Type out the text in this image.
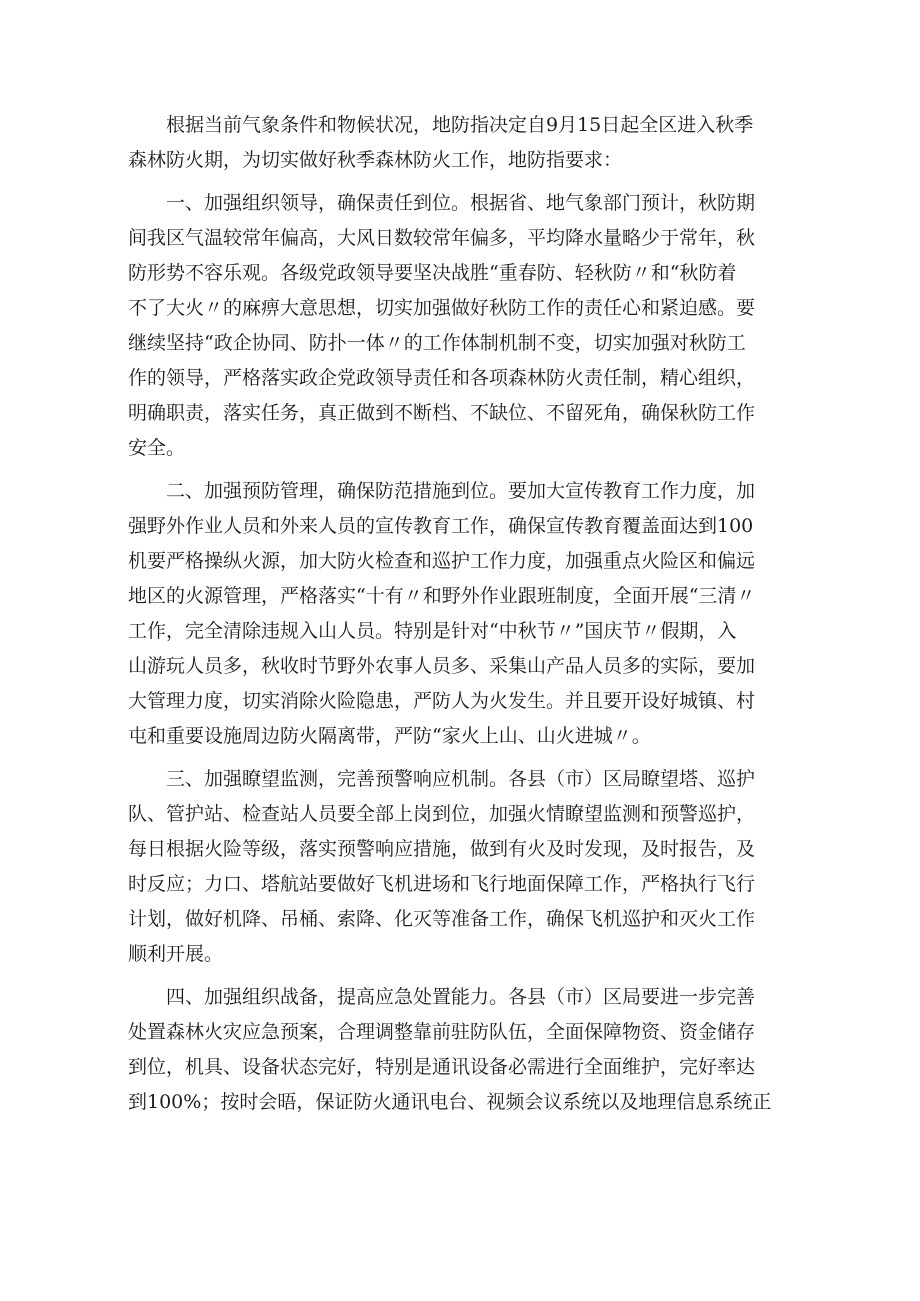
根据当前气象条件和物候状况，地防指决定自9月15日起全区进入秋季
森林防火期，为切实做好秋季森林防火工作，地防指要求：
一、加强组织领导，确保责任到位。根据省、地气象部门预计，秋防期
间我区气温较常年偏高，大风日数较常年偏多，平均降水量略少于常年，秋
防形势不容乐观。各级党政领导要坚决战胜“重春防、轻秋防〃和“秋防着
不了大火〃的麻痹大意思想，切实加强做好秋防工作的责任心和紧迫感。要
继续坚持“政企协同、防扑一体〃的工作体制机制不变，切实加强对秋防工
作的领导，严格落实政企党政领导责任和各项森林防火责任制，精心组织，
明确职责，落实任务，真正做到不断档、不缺位、不留死角，确保秋防工作
安全。
二、加强预防管理，确保防范措施到位。要加大宣传教育工作力度，加
强野外作业人员和外来人员的宣传教育工作，确保宣传教育覆盖面达到100
机要严格操纵火源，加大防火检查和巡护工作力度，加强重点火险区和偏远
地区的火源管理，严格落实“十有〃和野外作业跟班制度，全面开展“三清〃
工作，完全清除违规入山人员。特别是针对“中秋节〃”国庆节〃假期，入
山游玩人员多，秋收时节野外农事人员多、采集山产品人员多的实际，要加
大管理力度，切实消除火险隐患，严防人为火发生。并且要开设好城镇、村
屯和重要设施周边防火隔离带，严防“家火上山、山火进城〃。
三、加强瞭望监测，完善预警响应机制。各县（市）区局瞭望塔、巡护
队、管护站、检查站人员要全部上岗到位，加强火情瞭望监测和预警巡护，
每日根据火险等级，落实预警响应措施，做到有火及时发现，及时报告，及
时反应；力口、塔航站要做好飞机进场和飞行地面保障工作，严格执行飞行
计划，做好机降、吊桶、索降、化灭等准备工作，确保飞机巡护和灭火工作
顺利开展。
四、加强组织战备，提高应急处置能力。各县（市）区局要进一步完善
处置森林火灾应急预案，合理调整靠前驻防队伍，全面保障物资、资金储存
到位，机具、设备状态完好，特别是通讯设备必需进行全面维护，完好率达
到100%；按时会晤，保证防火通讯电台、视频会议系统以及地理信息系统正
